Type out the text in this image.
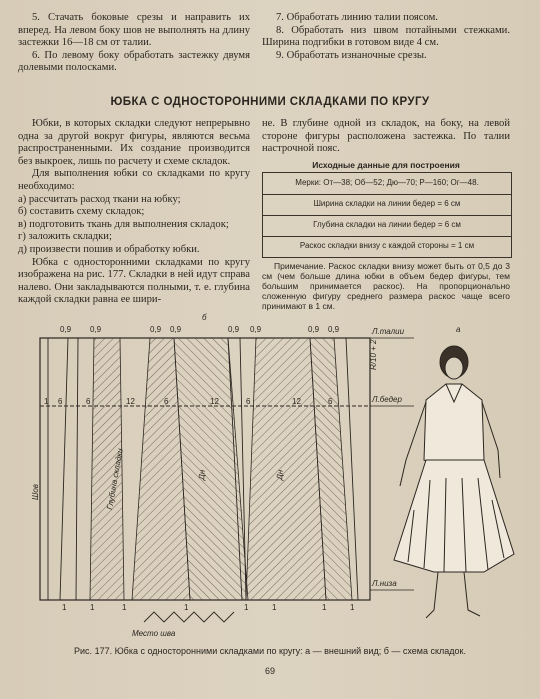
5. Стачать боковые срезы и направить их вперед. На левом боку шов не выполнять на длину застежки 16—18 см от талии.

6. По левому боку обработать застежку двумя долевыми полосками.

7. Обработать линию талии поясом.

8. Обработать низ швом потайными стежками. Ширина подгибки в готовом виде 4 см.

9. Обработать изнаночные срезы.

ЮБКА С ОДНОСТОРОННИМИ СКЛАДКАМИ ПО КРУГУ

Юбки, в которых складки следуют непрерывно одна за другой вокруг фигуры, являются весьма распространенными. Их создание производится без выкроек, лишь по расчету и схеме складок.

Для выполнения юбки со складками по кругу необходимо:

а) рассчитать расход ткани на юбку;

б) составить схему складок;

в) подготовить ткань для выполнения складок;

г) заложить складки;

д) произвести пошив и обработку юбки.

Юбка с односторонними складками по кругу изображена на рис. 177. Складки в ней идут справа налево. Они закладываются полными, т. е. глубина каждой складки равна ее шири-

не. В глубине одной из складок, на боку, на левой стороне фигуры расположена застежка. По талии настрочной пояс.

Исходные данные для построения
Мерки: От—38; Об—52; Дю—70; Р—160; Ог—48.
Ширина складки на линии бедер = 6 см
Глубина складки на линии бедер = 6 см
Раскос складки внизу с каждой стороны = 1 см

Примечание. Раскос складки внизу может быть от 0,5 до 3 см (чем больше длина юбки в объем бедер фигуры, тем большим принимается раскос). На пропорционально сложенную фигуру среднего размера раскос чаще всего принимают в 1 см.

б
а
0,9 0,9	0,9 0,9	0,9 0,9	0,9 0,9
1 6	6	12	6	12	6	12	6
1	1	1	1	1	1	1	1
Л.талии
Л.бедер
Л.низа
R/10 + 2
Глубина складки	Дн	Дн
Шов
Место шва
Рис. 177. Юбка с односторонними складками по кругу: а — внешний вид; б — схема складок.
69
